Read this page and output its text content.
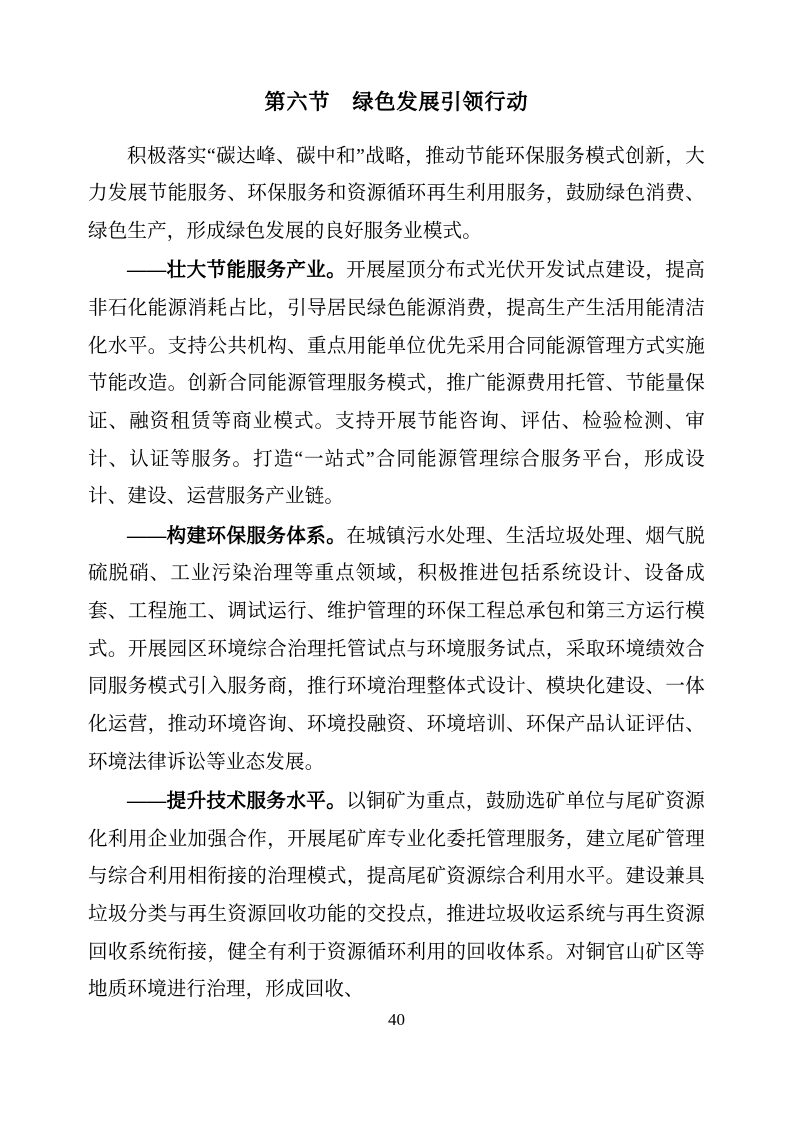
第六节 绿色发展引领行动

积极落实“碳达峰、碳中和”战略，推动节能环保服务模式创新，大力发展节能服务、环保服务和资源循环再生利用服务，鼓励绿色消费、绿色生产，形成绿色发展的良好服务业模式。

——壮大节能服务产业。开展屋顶分布式光伏开发试点建设，提高非石化能源消耗占比，引导居民绿色能源消费，提高生产生活用能清洁化水平。支持公共机构、重点用能单位优先采用合同能源管理方式实施节能改造。创新合同能源管理服务模式，推广能源费用托管、节能量保证、融资租赁等商业模式。支持开展节能咨询、评估、检验检测、审计、认证等服务。打造“一站式”合同能源管理综合服务平台，形成设计、建设、运营服务产业链。

——构建环保服务体系。在城镇污水处理、生活垃圾处理、烟气脱硫脱硝、工业污染治理等重点领域，积极推进包括系统设计、设备成套、工程施工、调试运行、维护管理的环保工程总承包和第三方运行模式。开展园区环境综合治理托管试点与环境服务试点，采取环境绩效合同服务模式引入服务商，推行环境治理整体式设计、模块化建设、一体化运营，推动环境咨询、环境投融资、环境培训、环保产品认证评估、环境法律诉讼等业态发展。

——提升技术服务水平。以铜矿为重点，鼓励选矿单位与尾矿资源化利用企业加强合作，开展尾矿库专业化委托管理服务，建立尾矿管理与综合利用相衔接的治理模式，提高尾矿资源综合利用水平。建设兼具垃圾分类与再生资源回收功能的交投点，推进垃圾收运系统与再生资源回收系统衔接，健全有利于资源循环利用的回收体系。对铜官山矿区等地质环境进行治理，形成回收、

40
